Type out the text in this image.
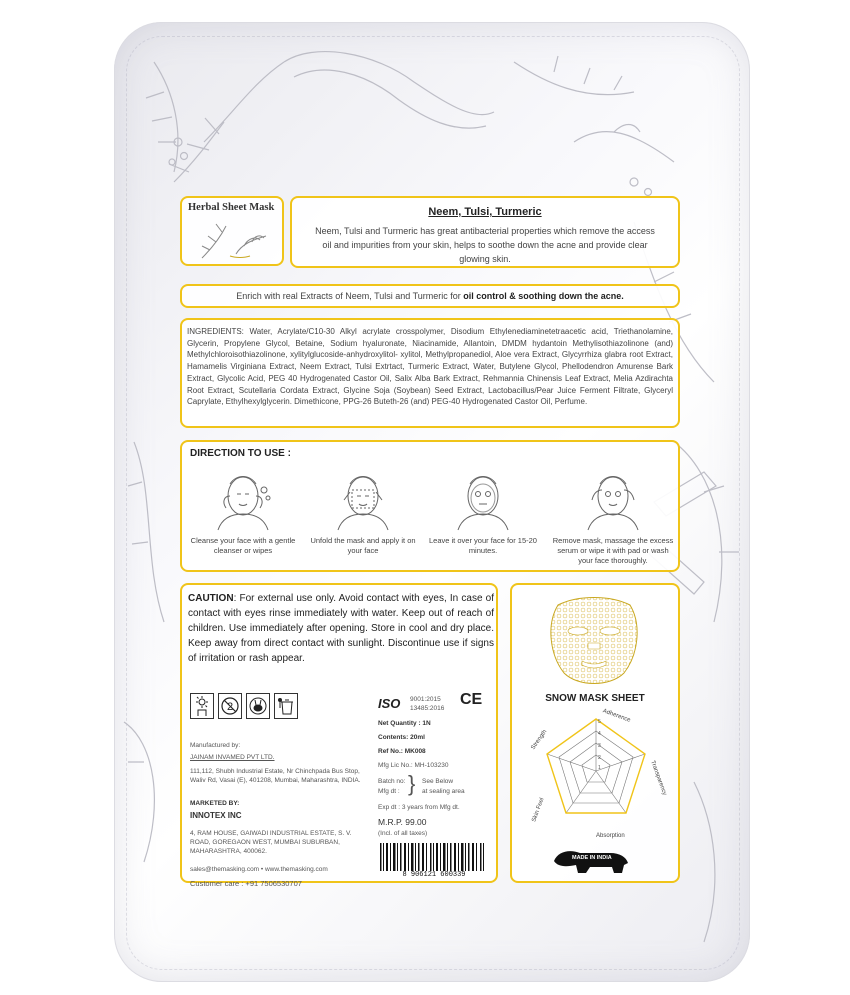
Herbal Sheet Mask	Neem, Tulsi, Turmeric
Neem, Tulsi and Turmeric has great antibacterial properties which remove the access oil and impurities from your skin, helps to soothe down the acne and provide clear glowing skin.
Enrich with real Extracts of Neem, Tulsi and Turmeric for oil control & soothing down the acne.
INGREDIENTS: Water, Acrylate/C10-30 Alkyl acrylate crosspolymer, Disodium Ethylenediaminetetraacetic acid, Triethanolamine, Glycerin, Propylene Glycol, Betaine, Sodium hyaluronate, Niacinamide, Allantoin, DMDM hydantoin Methylisothiazolinone (and) Methylchloroisothiazolinone, xylitylglucoside-anhydroxylitol- xylitol, Methylpropanediol, Aloe vera Extract, Glycyrrhiza glabra root Extract, Hamamelis Virginiana Extract, Neem Extract, Tulsi Extrtact, Turmeric Extract, Water, Butylene Glycol, Phellodendron Amurense Bark Extract, Glycolic Acid, PEG 40 Hydrogenated Castor Oil, Salix Alba Bark Extract, Rehmannia Chinensis Leaf Extract, Melia Azdirachta Root Extract, Scutellaria Cordata Extract, Glycine Soja (Soybean) Seed Extract, Lactobacillus/Pear Juice Ferment Filtrate, Glyceryl Caprylate, Ethylhexylglycerin. Dimethicone, PPG-26 Buteth-26 (and) PEG-40 Hydrogenated Castor Oil, Perfume.
DIRECTION TO USE :
Cleanse your face with a gentle cleanser or wipes
Unfold the mask and apply it on your face
Leave it over your face for 15-20 minutes.
Remove mask, massage the excess serum or wipe it with pad or wash your face thoroughly.
CAUTION: For external use only. Avoid contact with eyes, In case of contact with eyes rinse immediately with water. Keep out of reach of children. Use immediately after opening. Store in cool and dry place. Keep away from direct contact with sunlight. Discontinue use if signs of irritation or rash appear.
2
Manufactured by:
JAINAM INVAMED PVT LTD.
111,112, Shubh Industrial Estate, Nr Chinchpada Bus Stop, Waliv Rd, Vasai (E), 401208, Mumbai, Maharashtra, INDIA.
MARKETED BY:
INNOTEX INC
4, RAM HOUSE, GAIWADI INDUSTRIAL ESTATE, S. V. ROAD, GOREGAON WEST, MUMBAI SUBURBAN, MAHARASHTRA, 400062.
sales@themasking.com • www.themasking.com
Customer care : +91 7506530707
ISO 9001:2015
13485:2016
CE
Net Quantity : 1N
Contents: 20ml
Ref No.: MK008
Mfg Lic No.: MH-103230
Batch no:
Mfg dt : } See Below
at sealing area
Exp dt : 3 years from Mfg dt.
M.R.P. 99.00
(Incl. of all taxes)
8 906121 600339
SNOW MASK SHEET
5
4
3
2
1
Adherence
Transparency
Absorption
Skin Feel
Strength
MADE IN INDIA
